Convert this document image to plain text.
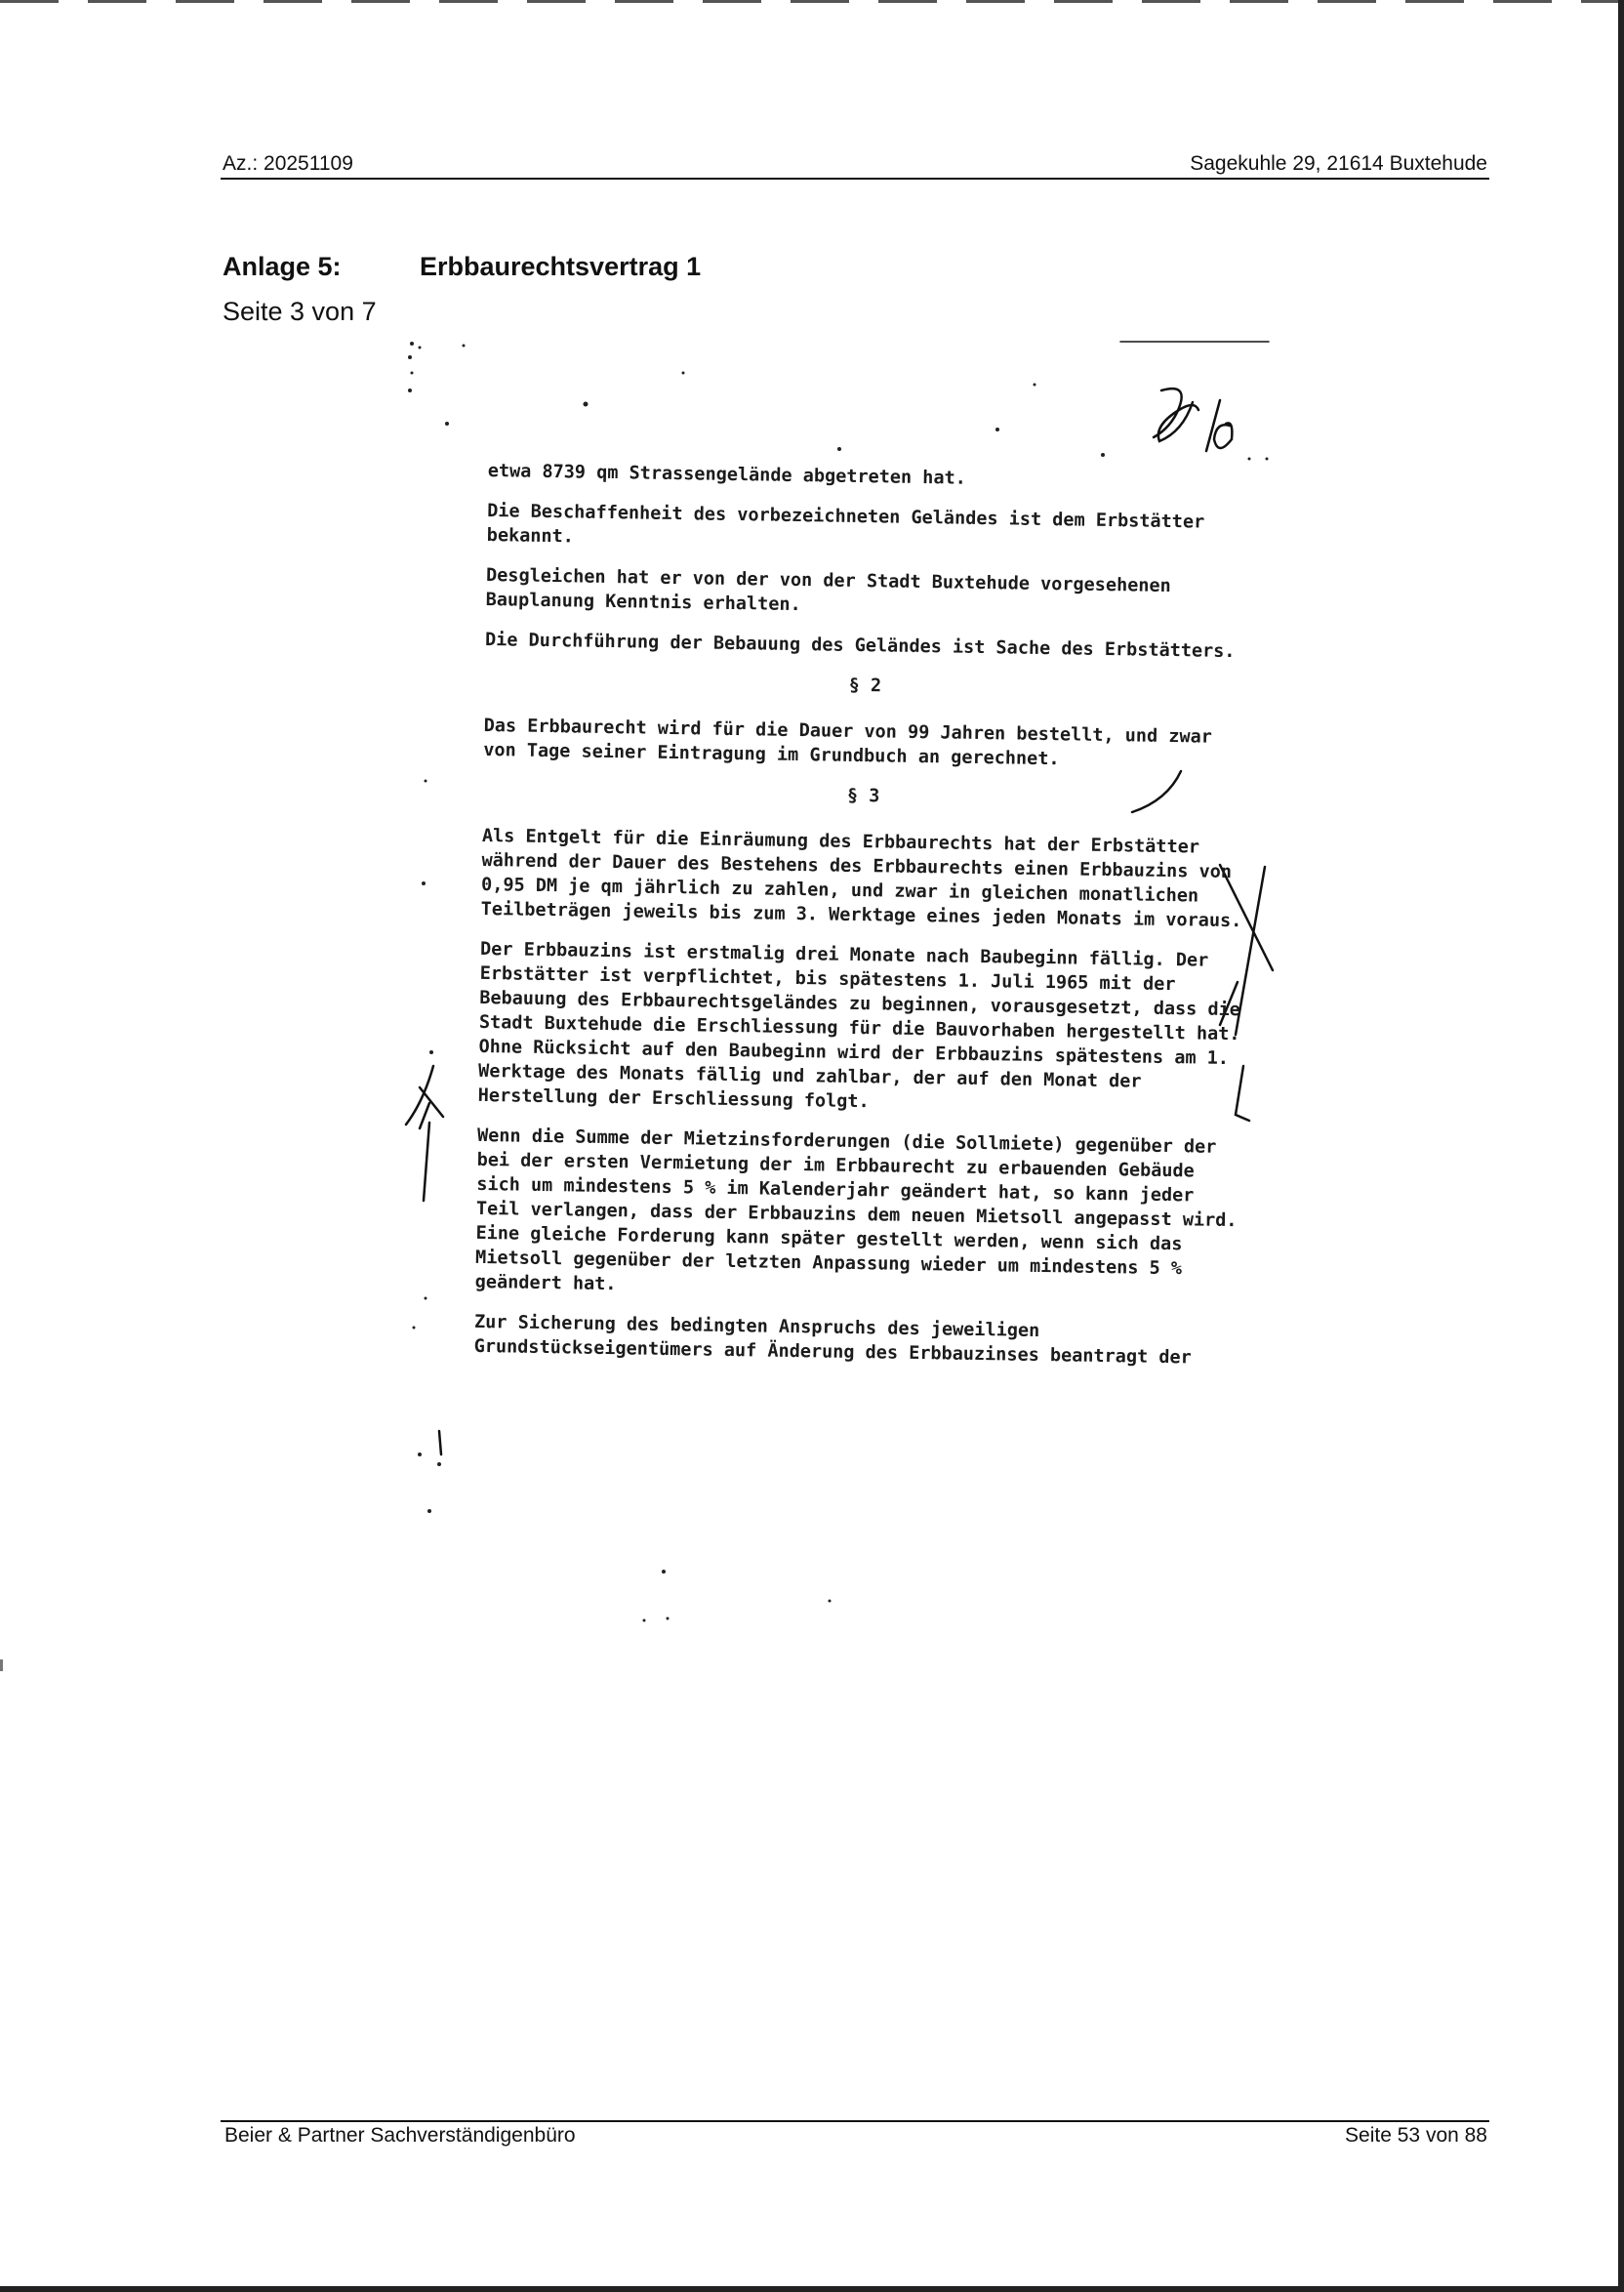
Az.: 20251109	Sagekuhle 29, 21614 Buxtehude
Anlage 5:	Erbbaurechtsvertrag 1
Seite 3 von 7

etwa 8739 qm Strassengelände abgetreten hat.

Die Beschaffenheit des vorbezeichneten Geländes ist dem Erbstätter bekannt.

Desgleichen hat er von der von der Stadt Buxtehude vorgesehenen Bauplanung Kenntnis erhalten.

Die Durchführung der Bebauung des Geländes ist Sache des Erbstätters.

§ 2

Das Erbbaurecht wird für die Dauer von 99 Jahren bestellt, und zwar von Tage seiner Eintragung im Grundbuch an gerechnet.

§ 3

Als Entgelt für die Einräumung des Erbbaurechts hat der Erbstätter während der Dauer des Bestehens des Erbbaurechts einen Erbbauzins von 0,95 DM je qm jährlich zu zahlen, und zwar in gleichen monatlichen Teilbeträgen jeweils bis zum 3. Werktage eines jeden Monats im voraus.

Der Erbbauzins ist erstmalig drei Monate nach Baubeginn fällig. Der Erbstätter ist verpflichtet, bis spätestens 1. Juli 1965 mit der Bebauung des Erbbaurechtsgeländes zu beginnen, vorausgesetzt, dass die Stadt Buxtehude die Erschliessung für die Bauvorhaben hergestellt hat. Ohne Rücksicht auf den Baubeginn wird der Erbbauzins spätestens am 1. Werktage des Monats fällig und zahlbar, der auf den Monat der Herstellung der Erschliessung folgt.

Wenn die Summe der Mietzinsforderungen (die Sollmiete) gegenüber der bei der ersten Vermietung der im Erbbaurecht zu erbauenden Gebäude sich um mindestens 5 % im Kalenderjahr geändert hat, so kann jeder Teil verlangen, dass der Erbbauzins dem neuen Mietsoll angepasst wird. Eine gleiche Forderung kann später gestellt werden, wenn sich das Mietsoll gegenüber der letzten Anpassung wieder um mindestens 5 % geändert hat.

Zur Sicherung des bedingten Anspruchs des jeweiligen Grundstückseigentümers auf Änderung des Erbbauzinses beantragt der

Beier & Partner Sachverständigenbüro	Seite 53 von 88
